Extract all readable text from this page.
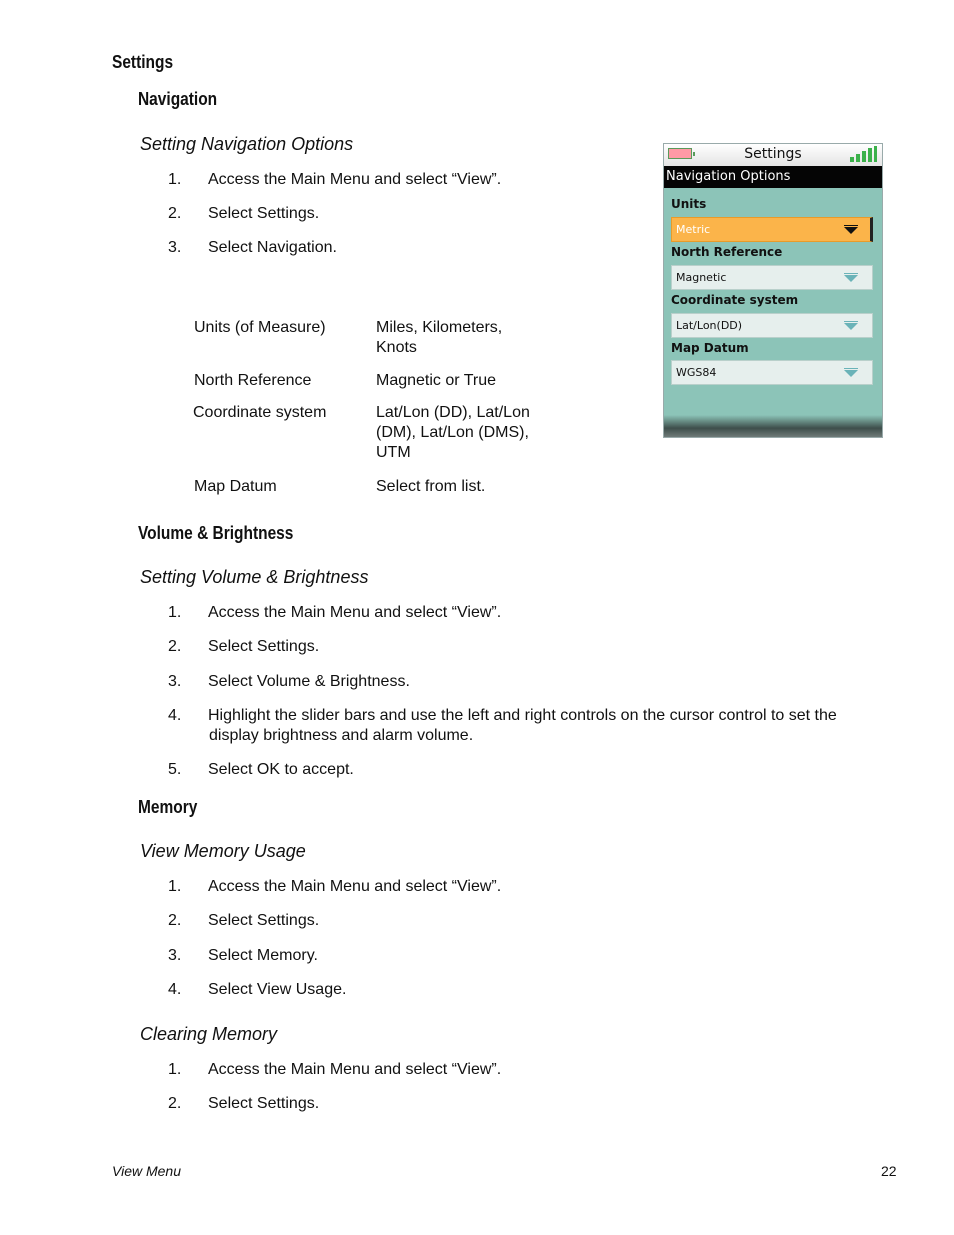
Settings
Navigation
Setting Navigation Options
1. Access the Main Menu and select “View”.
2. Select Settings.
3. Select Navigation.
Units (of Measure)	Miles, Kilometers,
Knots
North Reference	Magnetic or True
Coordinate system	Lat/Lon (DD), Lat/Lon
(DM), Lat/Lon (DMS),
UTM
Map Datum	Select from list.
Settings
Navigation Options
Units
Metric
North Reference
Magnetic
Coordinate system
Lat/Lon(DD)
Map Datum
WGS84
Volume & Brightness
Setting Volume & Brightness
1. Access the Main Menu and select “View”.
2. Select Settings.
3. Select Volume & Brightness.
4. Highlight the slider bars and use the left and right controls on the cursor control to set the
display brightness and alarm volume.
5. Select OK to accept.
Memory
View Memory Usage
1. Access the Main Menu and select “View”.
2. Select Settings.
3. Select Memory.
4. Select View Usage.
Clearing Memory
1. Access the Main Menu and select “View”.
2. Select Settings.
View Menu	22
